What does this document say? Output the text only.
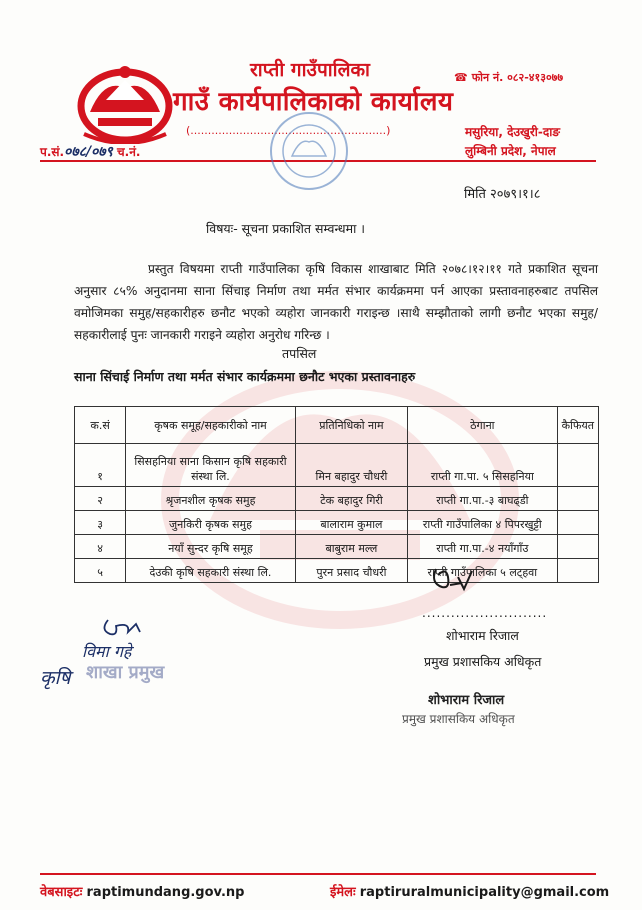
राप्ती गाउँपालिका
गाउँ कार्यपालिकाको कार्यालय
☎ फोन नं. ०८२-४१३०७७
(........................................................)	मसुरिया, देउखुरी-दाङ
लुम्बिनी प्रदेश, नेपाल
प.सं.०७८/०७९ च.नं.
मिति २०७९।१।८
विषयः- सूचना प्रकाशित सम्वन्धमा ।
प्रस्तुत विषयमा राप्ती गाउँपालिका कृषि विकास शाखाबाट मिति २०७८।१२।११ गते प्रकाशित सूचना अनुसार ८५% अनुदानमा साना सिंचाइ निर्माण तथा मर्मत संभार कार्यक्रममा पर्न आएका प्रस्तावनाहरुबाट तपसिल वमोजिमका समुह/सहकारीहरु छनौट भएको व्यहोरा जानकारी गराइन्छ ।साथै सम्झौताको लागी छनौट भएका समुह/सहकारीलाई पुनः जानकारी गराइने व्यहोरा अनुरोध गरिन्छ ।
तपसिल
साना सिंचाई निर्माण तथा मर्मत संभार कार्यक्रममा छनौट भएका प्रस्तावनाहरु
क.सं	कृषक समूह/सहकारीको नाम	प्रतिनिधिको नाम	ठेगाना	कैफियत
१	सिसहनिया साना किसान कृषि सहकारी संस्था लि.	मिन बहादुर चौधरी	राप्ती गा.पा. ५ सिसहनिया	
२	श्रृजनशील कृषक समुह	टेक बहादुर गिरी	राप्ती गा.पा.-३ बाघढ्डी	
३	जुनकिरी कृषक समुह	बालाराम कुमाल	राप्ती गाउँपालिका ४ पिपरखुट्टी	
४	नयाँ सुन्दर कृषि समूह	बाबुराम मल्ल	राप्ती गा.पा.-४ नयाँगाँउ	
५	देउकी कृषि सहकारी संस्था लि.	पुरन प्रसाद चौधरी	राप्ती गाउँपालिका ५ लट्हवा	
..........................
शोभाराम रिजाल
प्रमुख प्रशासकिय अधिकृत
शोभाराम रिजाल
प्रमुख प्रशासकिय अधिकृत
विमा गहे
शाखा प्रमुख
कृषि
वेबसाइटः raptimundang.gov.np	ईमेलः raptiruralmunicipality@gmail.com
